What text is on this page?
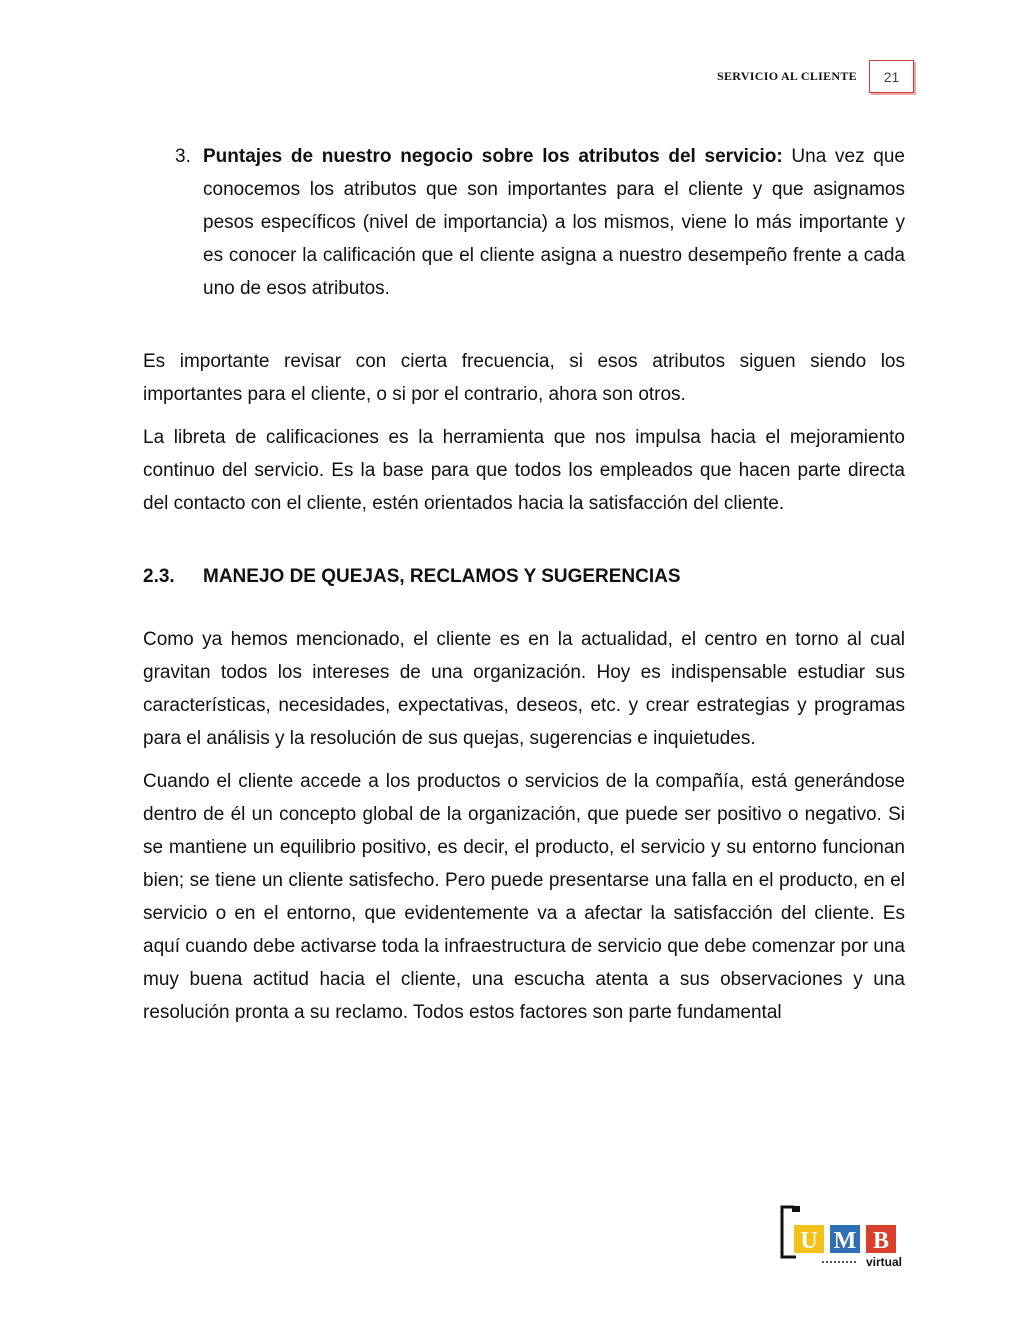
SERVICIO AL CLIENTE	21
3. Puntajes de nuestro negocio sobre los atributos del servicio: Una vez que conocemos los atributos que son importantes para el cliente y que asignamos pesos específicos (nivel de importancia) a los mismos, viene lo más importante y es conocer la calificación que el cliente asigna a nuestro desempeño frente a cada uno de esos atributos.

Es importante revisar con cierta frecuencia, si esos atributos siguen siendo los importantes para el cliente, o si por el contrario, ahora son otros.

La libreta de calificaciones es la herramienta que nos impulsa hacia el mejoramiento continuo del servicio. Es la base para que todos los empleados que hacen parte directa del contacto con el cliente, estén orientados hacia la satisfacción del cliente.

2.3.	MANEJO DE QUEJAS, RECLAMOS Y SUGERENCIAS

Como ya hemos mencionado, el cliente es en la actualidad, el centro en torno al cual gravitan todos los intereses de una organización. Hoy es indispensable estudiar sus características, necesidades, expectativas, deseos, etc. y crear estrategias y programas para el análisis y la resolución de sus quejas, sugerencias e inquietudes.

Cuando el cliente accede a los productos o servicios de la compañía, está generándose dentro de él un concepto global de la organización, que puede ser positivo o negativo. Si se mantiene un equilibrio positivo, es decir, el producto, el servicio y su entorno funcionan bien; se tiene un cliente satisfecho. Pero puede presentarse una falla en el producto, en el servicio o en el entorno, que evidentemente va a afectar la satisfacción del cliente. Es aquí cuando debe activarse toda la infraestructura de servicio que debe comenzar por una muy buena actitud hacia el cliente, una escucha atenta a sus observaciones y una resolución pronta a su reclamo. Todos estos factores son parte fundamental

U M B
virtual
